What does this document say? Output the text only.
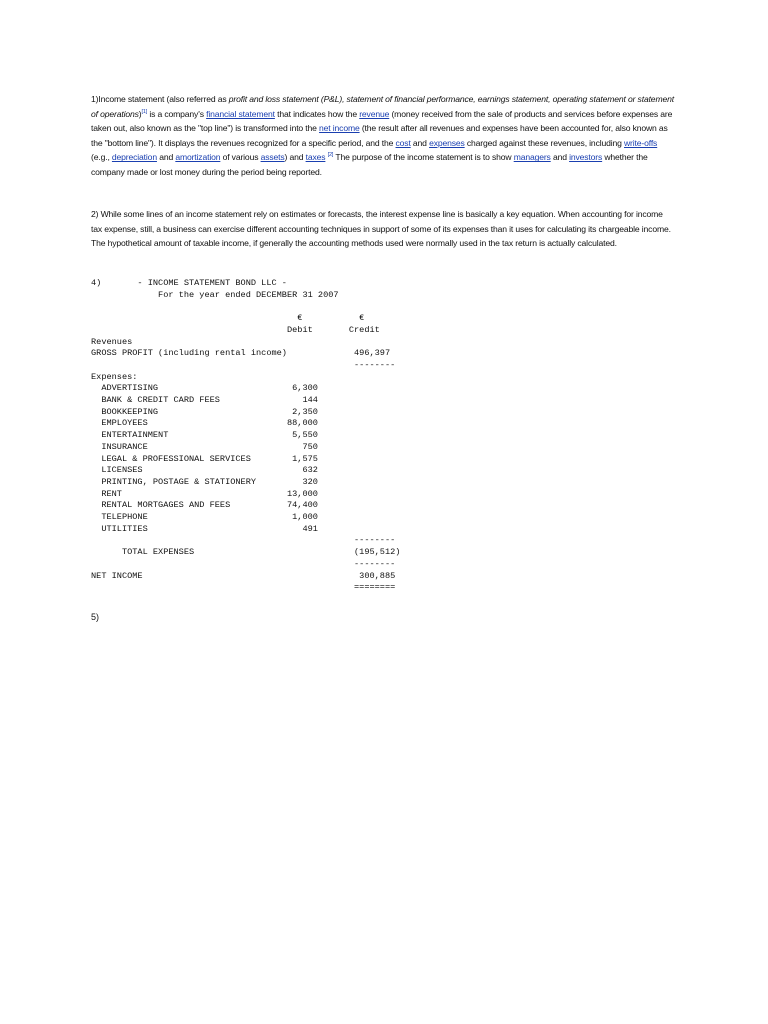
1)Income statement (also referred as profit and loss statement (P&L), statement of financial performance, earnings statement, operating statement or statement of operations)[1] is a company's financial statement that indicates how the revenue (money received from the sale of products and services before expenses are taken out, also known as the "top line") is transformed into the net income (the result after all revenues and expenses have been accounted for, also known as the "bottom line"). It displays the revenues recognized for a specific period, and the cost and expenses charged against these revenues, including write-offs (e.g., depreciation and amortization of various assets) and taxes [2] The purpose of the income statement is to show managers and investors whether the company made or lost money during the period being reported.
2) While some lines of an income statement rely on estimates or forecasts, the interest expense line is basically a key equation. When accounting for income tax expense, still, a business can exercise different accounting techniques in support of some of its expenses than it uses for calculating its chargeable income. The hypothetical amount of taxable income, if generally the accounting methods used were normally used in the tax return is actually calculated.
4)       - INCOME STATEMENT BOND LLC -
For the year ended DECEMBER 31 2007

€           €
Debit       Credit
Revenues
GROSS PROFIT (including rental income)             496,397
--------
Expenses:
ADVERTISING                          6,300
BANK & CREDIT CARD FEES                144
BOOKKEEPING                          2,350
EMPLOYEES                           88,000
ENTERTAINMENT                        5,550
INSURANCE                              750
LEGAL & PROFESSIONAL SERVICES        1,575
LICENSES                               632
PRINTING, POSTAGE & STATIONERY         320
RENT                                13,000
RENTAL MORTGAGES AND FEES           74,400
TELEPHONE                            1,000
UTILITIES                              491
--------
TOTAL EXPENSES                               (195,512)
--------
NET INCOME                                          300,885
========
5)
